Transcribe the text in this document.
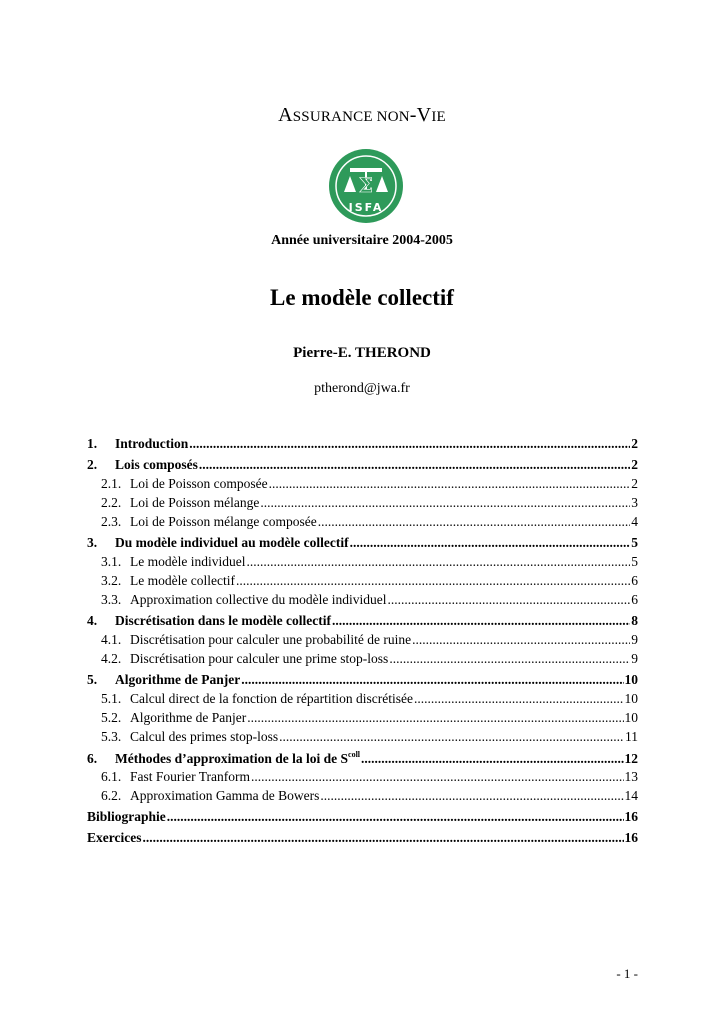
ASSURANCE NON-VIE
Σ
ISFA
Année universitaire 2004-2005
Le modèle collectif
Pierre-E. THEROND
ptherond@jwa.fr
1.	Introduction .....	2
2.	Lois composés .....	2
2.1. Loi de Poisson composée .....	2
2.2. Loi de Poisson mélange .....	3
2.3. Loi de Poisson mélange composée .....	4
3.	Du modèle individuel au modèle collectif .....	5
3.1. Le modèle individuel .....	5
3.2. Le modèle collectif .....	6
3.3. Approximation collective du modèle individuel .....	6
4.	Discrétisation dans le modèle collectif .....	8
4.1. Discrétisation pour calculer une probabilité de ruine .....	9
4.2. Discrétisation pour calculer une prime stop-loss .....	9
5.	Algorithme de Panjer .....	10
5.1. Calcul direct de la fonction de répartition discrétisée .....	10
5.2. Algorithme de Panjer .....	10
5.3. Calcul des primes stop-loss .....	11
6.	Méthodes d’approximation de la loi de $S^{coll}$ .....	12
6.1. Fast Fourier Tranform .....	13
6.2. Approximation Gamma de Bowers .....	14
Bibliographie .....	16
Exercices .....	16
- 1 -
